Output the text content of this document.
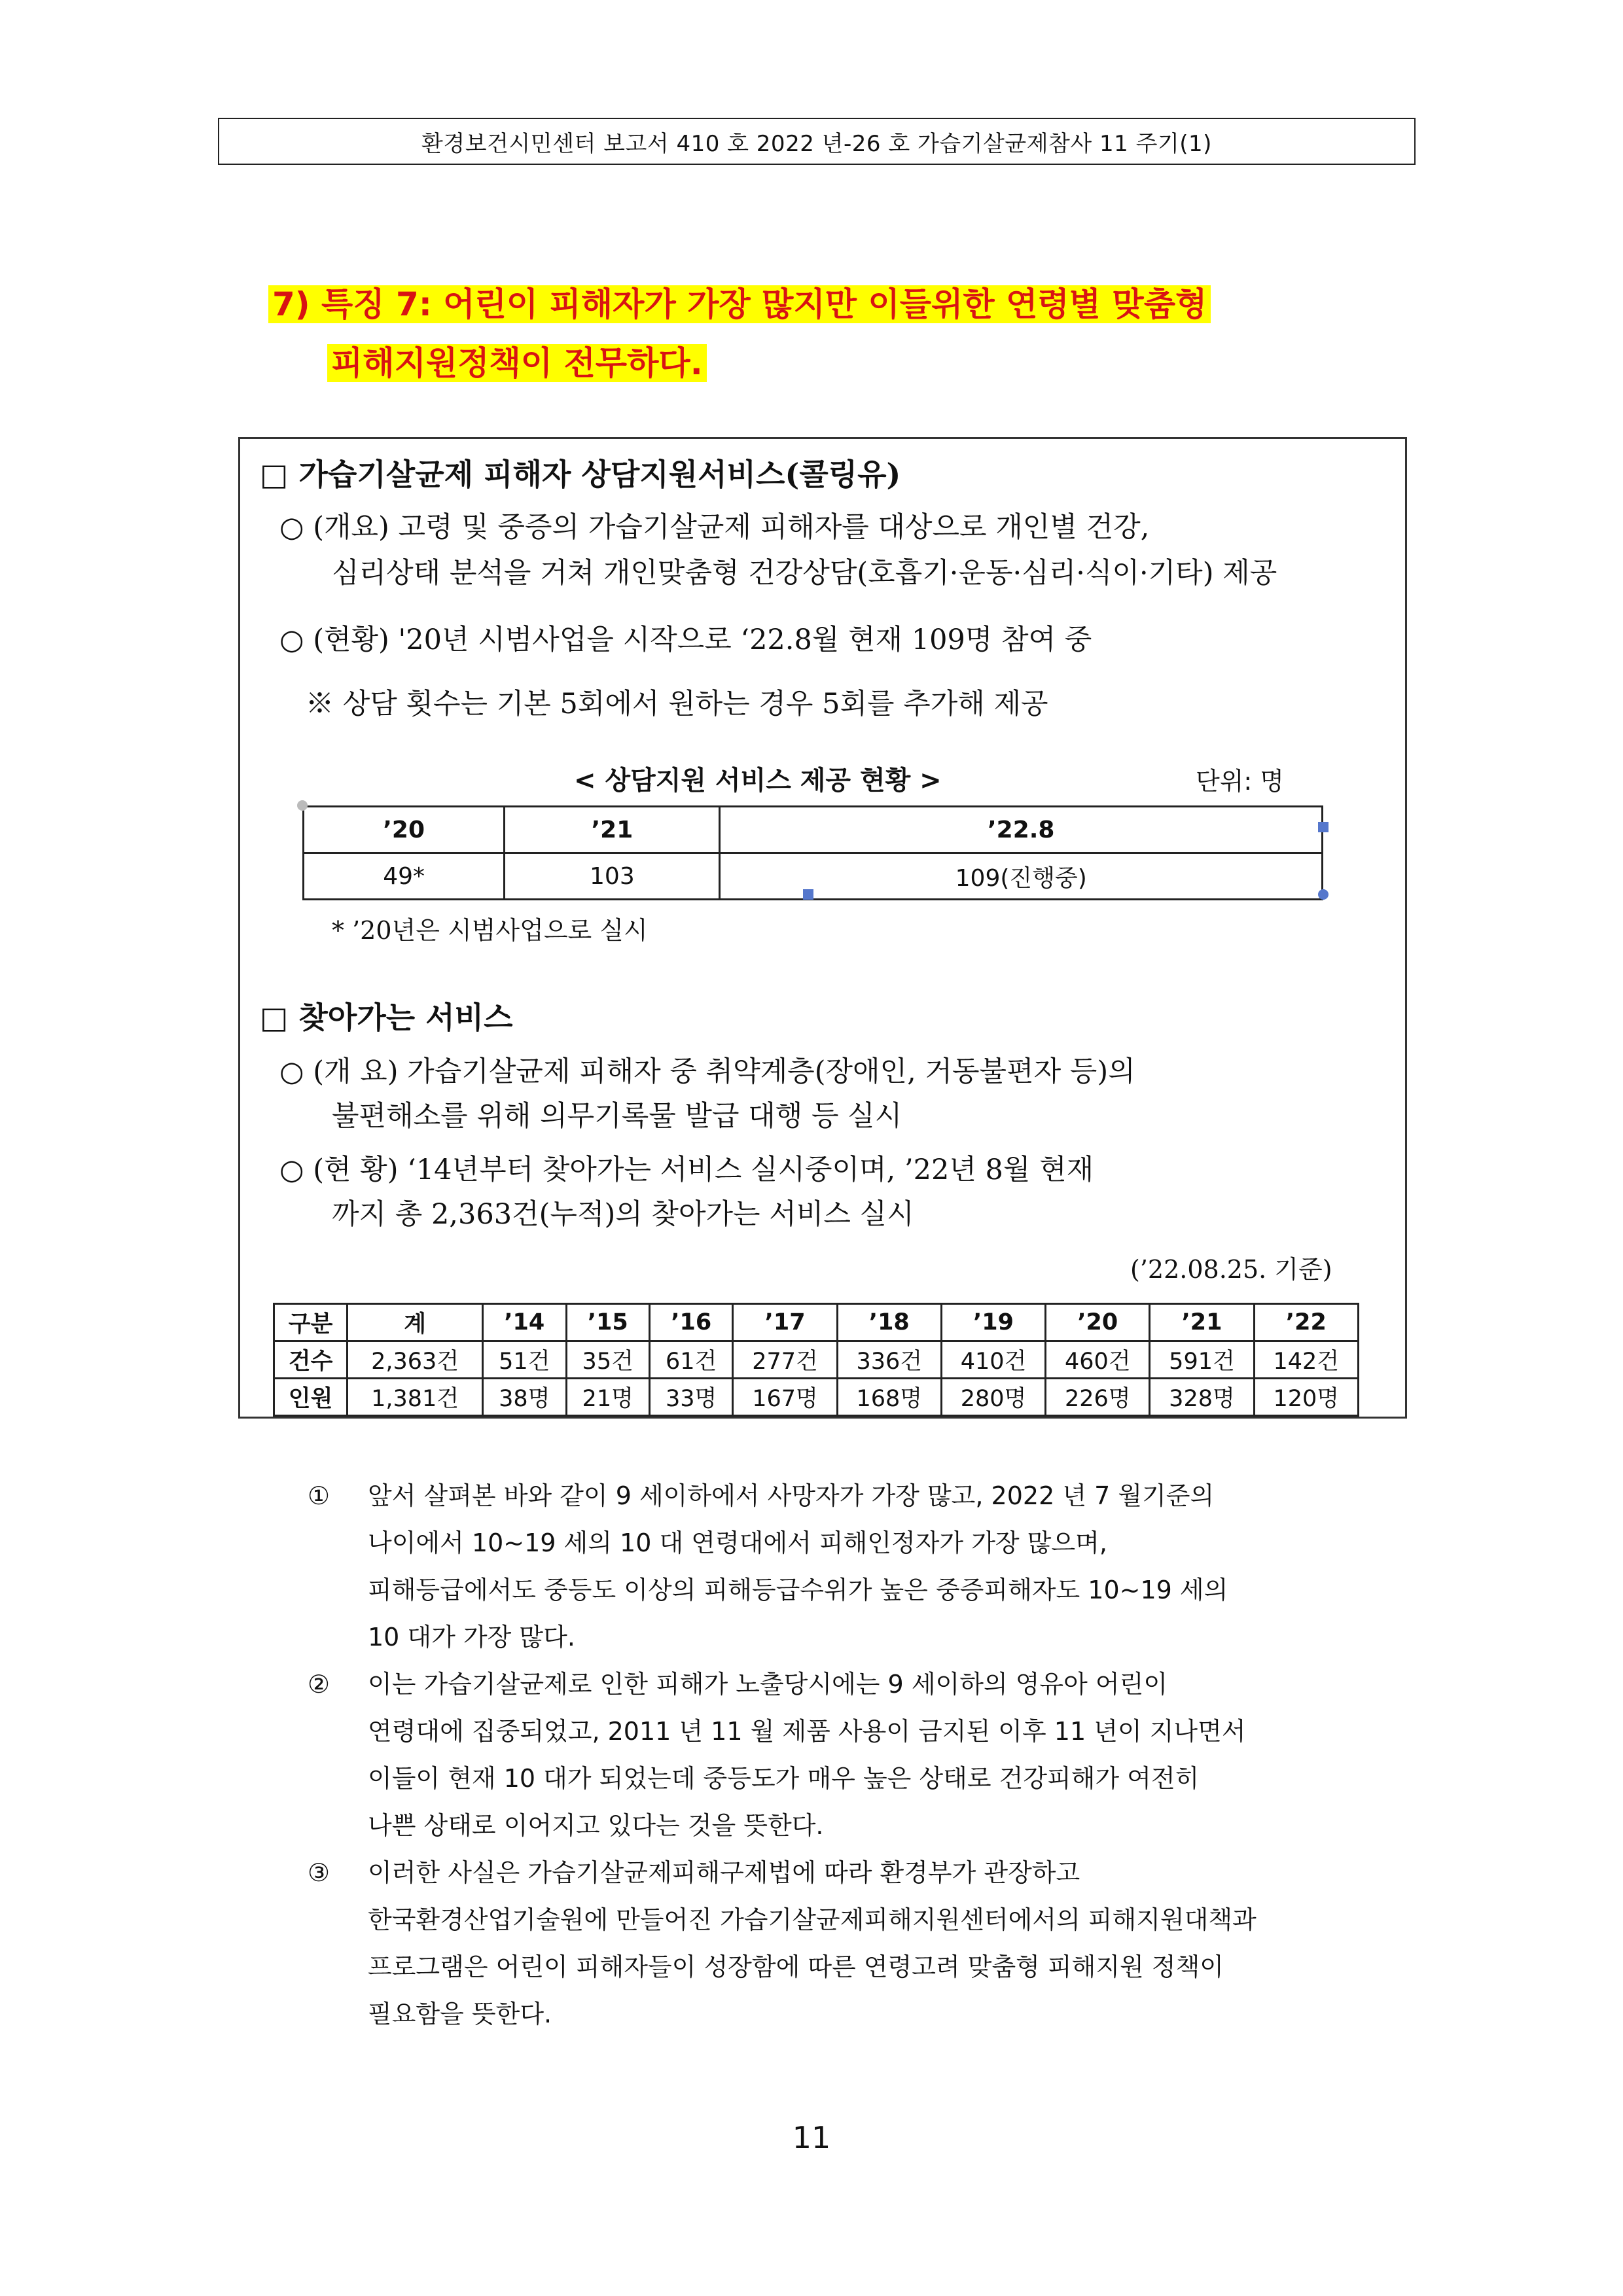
환경보건시민센터 보고서 410 호 2022 년-26 호 가습기살균제참사 11 주기(1)
7) 특징 7: 어린이 피해자가 가장 많지만 이들위한 연령별 맞춤형
피해지원정책이 전무하다.
□ 가습기살균제 피해자 상담지원서비스(콜링유)
○ (개요) 고령 및 중증의 가습기살균제 피해자를 대상으로 개인별 건강,
심리상태 분석을 거쳐 개인맞춤형 건강상담(호흡기·운동·심리·식이·기타) 제공
○ (현황) '20년 시범사업을 시작으로 ‘22.8월 현재 109명 참여 중
※ 상담 횟수는 기본 5회에서 원하는 경우 5회를 추가해 제공
< 상담지원 서비스 제공 현황 >	단위: 명
’20	’21	’22.8
49*	103	109(진행중)
* ’20년은 시범사업으로 실시
□ 찾아가는 서비스
○ (개 요) 가습기살균제 피해자 중 취약계층(장애인, 거동불편자 등)의
불편해소를 위해 의무기록물 발급 대행 등 실시
○ (현 황) ‘14년부터 찾아가는 서비스 실시중이며, ’22년 8월 현재
까지 총 2,363건(누적)의 찾아가는 서비스 실시
(’22.08.25. 기준)
구분	계	’14	’15	’16	’17	’18	’19	’20	’21	’22
건수	2,363건	51건	35건	61건	277건	336건	410건	460건	591건	142건
인원	1,381건	38명	21명	33명	167명	168명	280명	226명	328명	120명
①	앞서 살펴본 바와 같이 9 세이하에서 사망자가 가장 많고, 2022 년 7 월기준의
나이에서 10~19 세의 10 대 연령대에서 피해인정자가 가장 많으며,
피해등급에서도 중등도 이상의 피해등급수위가 높은 중증피해자도 10~19 세의
10 대가 가장 많다.
②	이는 가습기살균제로 인한 피해가 노출당시에는 9 세이하의 영유아 어린이
연령대에 집중되었고, 2011 년 11 월 제품 사용이 금지된 이후 11 년이 지나면서
이들이 현재 10 대가 되었는데 중등도가 매우 높은 상태로 건강피해가 여전히
나쁜 상태로 이어지고 있다는 것을 뜻한다.
③	이러한 사실은 가습기살균제피해구제법에 따라 환경부가 관장하고
한국환경산업기술원에 만들어진 가습기살균제피해지원센터에서의 피해지원대책과
프로그램은 어린이 피해자들이 성장함에 따른 연령고려 맞춤형 피해지원 정책이
필요함을 뜻한다.
11
